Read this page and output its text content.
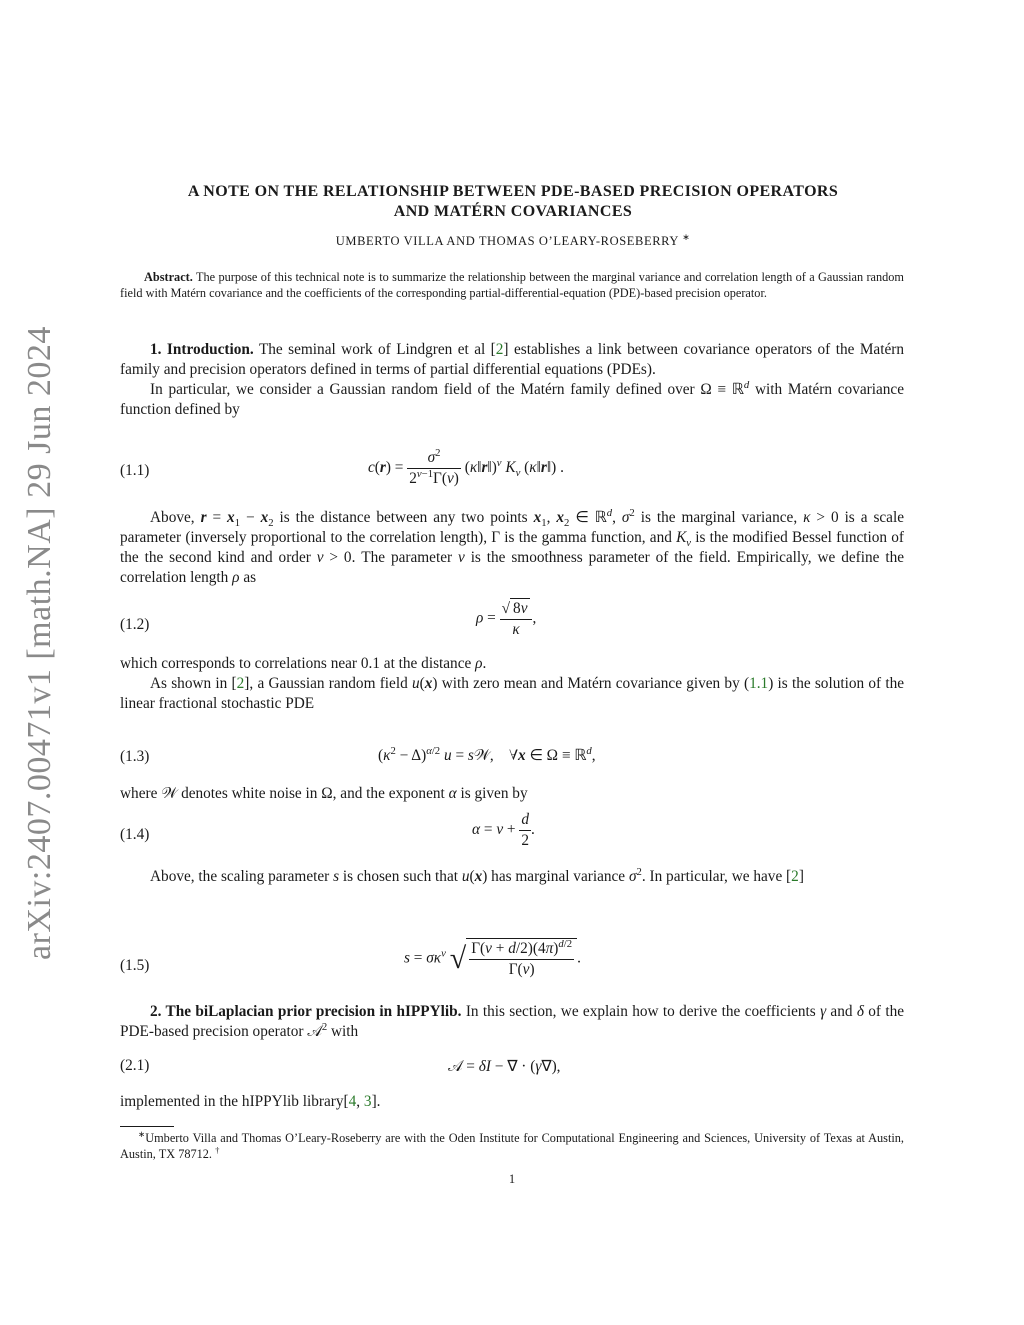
arXiv:2407.00471v1 [math.NA] 29 Jun 2024
A NOTE ON THE RELATIONSHIP BETWEEN PDE-BASED PRECISION OPERATORS
AND MATÉRN COVARIANCES
UMBERTO VILLA AND THOMAS O’LEARY-ROSEBERRY ∗
Abstract. The purpose of this technical note is to summarize the relationship between the marginal variance and correlation length of a Gaussian random field with Matérn covariance and the coefficients of the corresponding partial-differential-equation (PDE)-based precision operator.
1. Introduction. The seminal work of Lindgren et al [2] establishes a link between covariance operators of the Matérn family and precision operators defined in terms of partial differential equations (PDEs).
In particular, we consider a Gaussian random field of the Matérn family defined over Ω ≡ ℝ$^d$ with Matérn covariance function defined by
(1.1)	$c(r) = \frac{\sigma^2}{2^{\nu-1}\Gamma(\nu)}$ (κ‖r‖)$^\nu$ $K_\nu$ (κ‖r‖) .
Above, $r = x_1 - x_2$ is the distance between any two points $x_1$, $x_2$ ∈ ℝ$^d$, $\sigma^2$ is the marginal variance, κ > 0 is a scale parameter (inversely proportional to the correlation length), Γ is the gamma function, and $K_\nu$ is the modified Bessel function of the the second kind and order ν > 0. The parameter ν is the smoothness parameter of the field. Empirically, we define the correlation length ρ as
(1.2)	$\rho = \frac{√ 8\nu}{\kappa}$ ,
which corresponds to correlations near 0.1 at the distance ρ.
As shown in [2], a Gaussian random field u(x) with zero mean and Matérn covariance given by (1.1) is the solution of the linear fractional stochastic PDE
(1.3)	$(\kappa^2 - \Delta)^{\alpha/2}$ u = s𝒲,    ∀x ∈ Ω ≡ ℝ$^d$,
where 𝒲 denotes white noise in Ω, and the exponent α is given by
(1.4)	$\alpha = \nu + \frac{d}{2}$ .
Above, the scaling parameter s is chosen such that u(x) has marginal variance $\sigma^2$. In particular, we have [2]
(1.5)	$s = \sigma\kappa^\nu$ √ $\frac{\Gamma(\nu + d/2)(4\pi)^{d/2}}{\Gamma(\nu)}$ .
2. The biLaplacian prior precision in hIPPYlib. In this section, we explain how to derive the coefficients γ and δ of the PDE-based precision operator 𝒜$^2$ with
(2.1)	𝒜 = δI − ∇ · (γ∇),
implemented in the hIPPYlib library[4, 3].
∗Umberto Villa and Thomas O’Leary-Roseberry are with the Oden Institute for Computational Engineering and Sciences, University of Texas at Austin, Austin, TX 78712. †
1
